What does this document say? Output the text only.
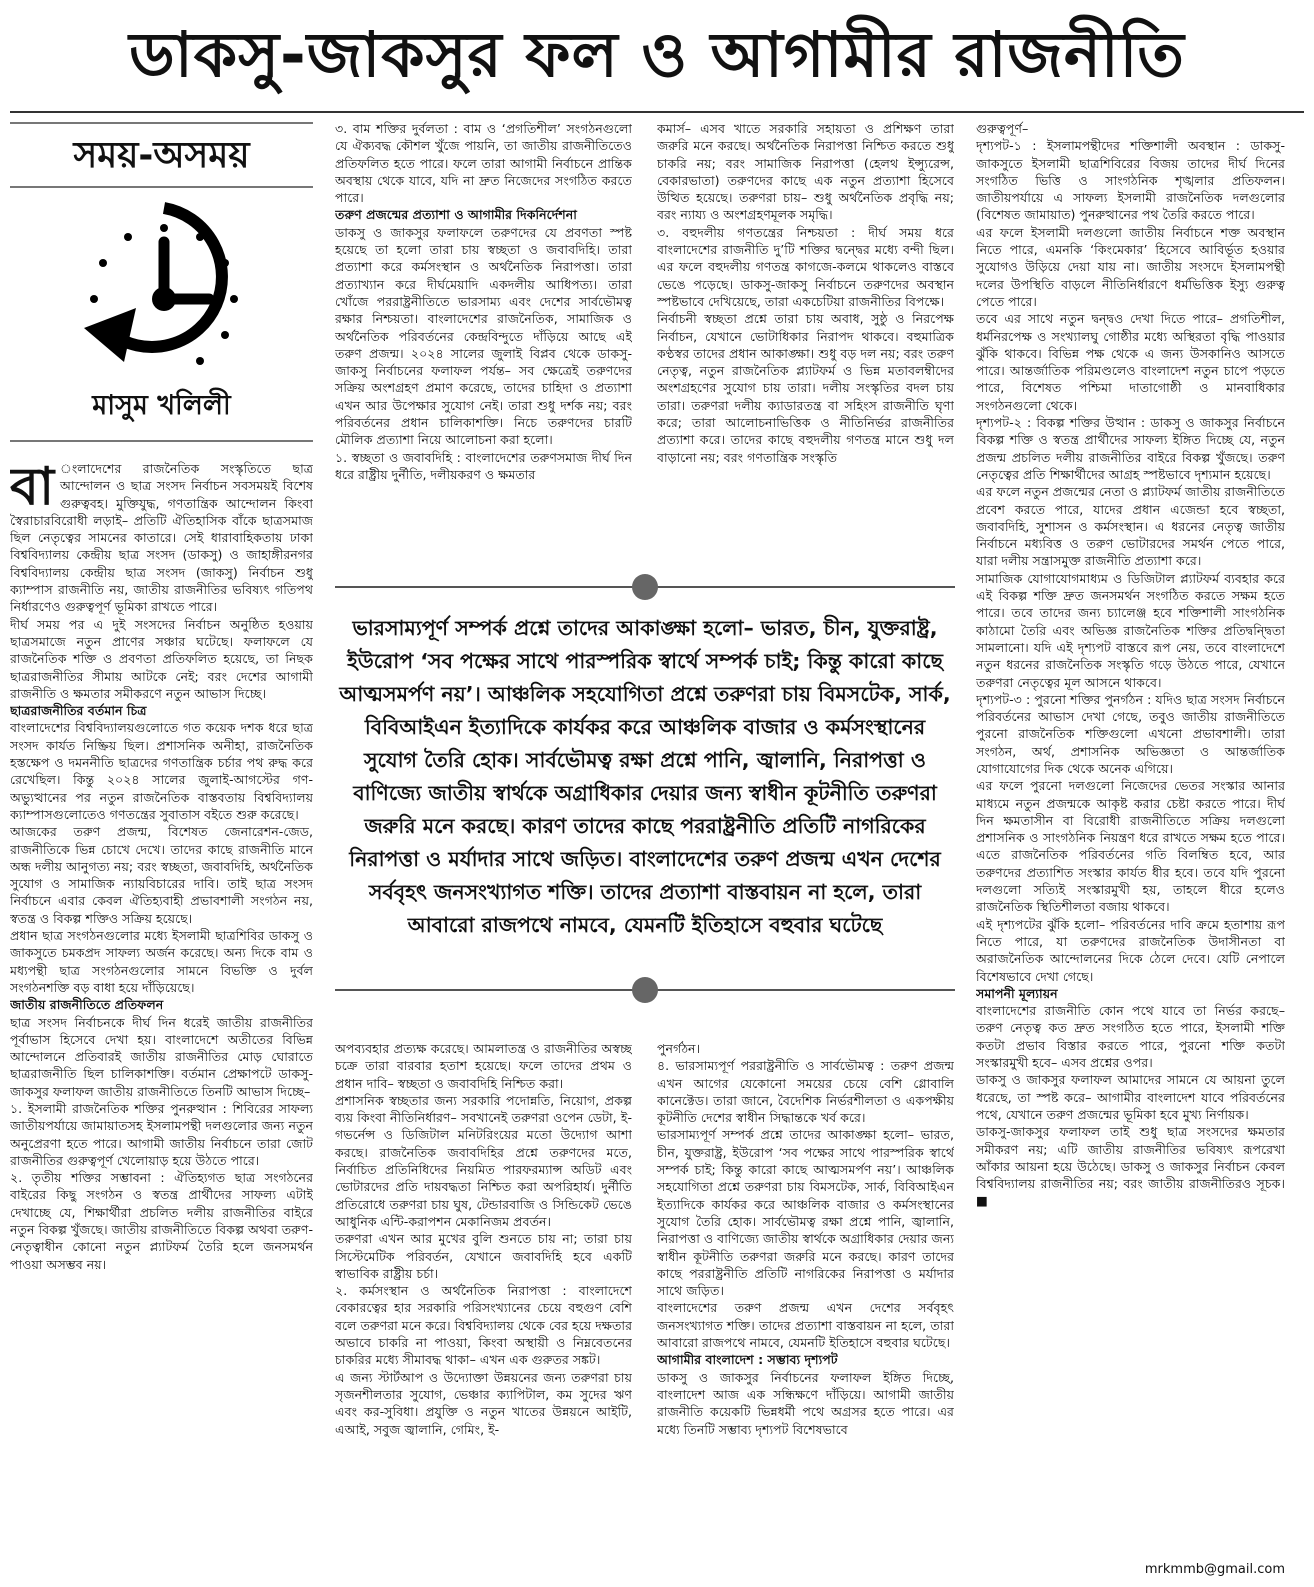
ডাকসু-জাকসুর ফল ও আগামীর রাজনীতি
সময়-অসময়
মাসুম খলিলী

বা ংলাদেশের রাজনৈতিক সংস্কৃতিতে ছাত্র আন্দোলন ও ছাত্র সংসদ নির্বাচন সবসময়ই বিশেষ গুরুত্ববহ। মুক্তিযুদ্ধ, গণতান্ত্রিক আন্দোলন কিংবা স্বৈরাচারবিরোধী লড়াই– প্রতিটি ঐতিহাসিক বাঁকে ছাত্রসমাজ ছিল নেতৃত্বের সামনের কাতারে। সেই ধারাবাহিকতায় ঢাকা বিশ্ববিদ্যালয় কেন্দ্রীয় ছাত্র সংসদ (ডাকসু) ও জাহাঙ্গীরনগর বিশ্ববিদ্যালয় কেন্দ্রীয় ছাত্র সংসদ (জাকসু) নির্বাচন শুধু ক্যাম্পাস রাজনীতি নয়, জাতীয় রাজনীতির ভবিষ্যৎ গতিপথ নির্ধারণেও গুরুত্বপূর্ণ ভূমিকা রাখতে পারে।

দীর্ঘ সময় পর এ দুই সংসদের নির্বাচন অনুষ্ঠিত হওয়ায় ছাত্রসমাজে নতুন প্রাণের সঞ্চার ঘটেছে। ফলাফলে যে রাজনৈতিক শক্তি ও প্রবণতা প্রতিফলিত হয়েছে, তা নিছক ছাত্ররাজনীতির সীমায় আটকে নেই; বরং দেশের আগামী রাজনীতি ও ক্ষমতার সমীকরণে নতুন আভাস দিচ্ছে।

ছাত্ররাজনীতির বর্তমান চিত্র

বাংলাদেশের বিশ্ববিদ্যালয়গুলোতে গত কয়েক দশক ধরে ছাত্র সংসদ কার্যত নিষ্ক্রিয় ছিল। প্রশাসনিক অনীহা, রাজনৈতিক হস্তক্ষেপ ও দমননীতি ছাত্রদের গণতান্ত্রিক চর্চার পথ রুদ্ধ করে রেখেছিল। কিন্তু ২০২৪ সালের জুলাই-আগস্টের গণ-অভ্যুত্থানের পর নতুন রাজনৈতিক বাস্তবতায় বিশ্ববিদ্যালয় ক্যাম্পাসগুলোতেও গণতন্ত্রের সুবাতাস বইতে শুরু করেছে।

আজকের তরুণ প্রজন্ম, বিশেষত জেনারেশন-জেড, রাজনীতিকে ভিন্ন চোখে দেখে। তাদের কাছে রাজনীতি মানে অন্ধ দলীয় আনুগত্য নয়; বরং স্বচ্ছতা, জবাবদিহি, অর্থনৈতিক সুযোগ ও সামাজিক ন্যায়বিচারের দাবি। তাই ছাত্র সংসদ নির্বাচনে এবার কেবল ঐতিহ্যবাহী প্রভাবশালী সংগঠন নয়, স্বতন্ত্র ও বিকল্প শক্তিও সক্রিয় হয়েছে।

প্রধান ছাত্র সংগঠনগুলোর মধ্যে ইসলামী ছাত্রশিবির ডাকসু ও জাকসুতে চমকপ্রদ সাফল্য অর্জন করেছে। অন্য দিকে বাম ও মধ্যপন্থী ছাত্র সংগঠনগুলোর সামনে বিভক্তি ও দুর্বল সংগঠনশক্তি বড় বাধা হয়ে দাঁড়িয়েছে।

জাতীয় রাজনীতিতে প্রতিফলন

ছাত্র সংসদ নির্বাচনকে দীর্ঘ দিন ধরেই জাতীয় রাজনীতির পূর্বাভাস হিসেবে দেখা হয়। বাংলাদেশে অতীতের বিভিন্ন আন্দোলনে প্রতিবারই জাতীয় রাজনীতির মোড় ঘোরাতে ছাত্ররাজনীতি ছিল চালিকাশক্তি। বর্তমান প্রেক্ষাপটে ডাকসু-জাকসুর ফলাফল জাতীয় রাজনীতিতে তিনটি আভাস দিচ্ছে–

১. ইসলামী রাজনৈতিক শক্তির পুনরুত্থান : শিবিরের সাফল্য জাতীয়পর্যায়ে জামায়াতসহ ইসলামপন্থী দলগুলোর জন্য নতুন অনুপ্রেরণা হতে পারে। আগামী জাতীয় নির্বাচনে তারা জোট রাজনীতির গুরুত্বপূর্ণ খেলোয়াড় হয়ে উঠতে পারে।

২. তৃতীয় শক্তির সম্ভাবনা : ঐতিহ্যগত ছাত্র সংগঠনের বাইরের কিছু সংগঠন ও স্বতন্ত্র প্রার্থীদের সাফল্য এটাই দেখাচ্ছে যে, শিক্ষার্থীরা প্রচলিত দলীয় রাজনীতির বাইরে নতুন বিকল্প খুঁজছে। জাতীয় রাজনীতিতে বিকল্প অথবা তরুণ-নেতৃত্বাধীন কোনো নতুন প্ল্যাটফর্ম তৈরি হলে জনসমর্থন পাওয়া অসম্ভব নয়।

৩. বাম শক্তির দুর্বলতা : বাম ও ‘প্রগতিশীল’ সংগঠনগুলো যে ঐক্যবদ্ধ কৌশল খুঁজে পায়নি, তা জাতীয় রাজনীতিতেও প্রতিফলিত হতে পারে। ফলে তারা আগামী নির্বাচনে প্রান্তিক অবস্থায় থেকে যাবে, যদি না দ্রুত নিজেদের সংগঠিত করতে পারে।

তরুণ প্রজন্মের প্রত্যাশা ও আগামীর দিকনির্দেশনা

ডাকসু ও জাকসুর ফলাফলে তরুণদের যে প্রবণতা স্পষ্ট হয়েছে তা হলো তারা চায় স্বচ্ছতা ও জবাবদিহি। তারা প্রত্যাশা করে কর্মসংস্থান ও অর্থনৈতিক নিরাপত্তা। তারা প্রত্যাখ্যান করে দীর্ঘমেয়াদি একদলীয় আধিপত্য। তারা খোঁজে পররাষ্ট্রনীতিতে ভারসাম্য এবং দেশের সার্বভৌমত্ব রক্ষার নিশ্চয়তা। বাংলাদেশের রাজনৈতিক, সামাজিক ও অর্থনৈতিক পরিবর্তনের কেন্দ্রবিন্দুতে দাঁড়িয়ে আছে এই তরুণ প্রজন্ম। ২০২৪ সালের জুলাই বিপ্লব থেকে ডাকসু-জাকসু নির্বাচনের ফলাফল পর্যন্ত– সব ক্ষেত্রেই তরুণদের সক্রিয় অংশগ্রহণ প্রমাণ করেছে, তাদের চাহিদা ও প্রত্যাশা এখন আর উপেক্ষার সুযোগ নেই। তারা শুধু দর্শক নয়; বরং পরিবর্তনের প্রধান চালিকাশক্তি। নিচে তরুণদের চারটি মৌলিক প্রত্যাশা নিয়ে আলোচনা করা হলো।

১. স্বচ্ছতা ও জবাবদিহি : বাংলাদেশের তরুণসমাজ দীর্ঘ দিন ধরে রাষ্ট্রীয় দুর্নীতি, দলীয়করণ ও ক্ষমতার

কমার্স– এসব খাতে সরকারি সহায়তা ও প্রশিক্ষণ তারা জরুরি মনে করছে। অর্থনৈতিক নিরাপত্তা নিশ্চিত করতে শুধু চাকরি নয়; বরং সামাজিক নিরাপত্তা (হেলথ ইন্স্যুরেন্স, বেকারভাতা) তরুণদের কাছে এক নতুন প্রত্যাশা হিসেবে উত্থিত হয়েছে। তরুণরা চায়– শুধু অর্থনৈতিক প্রবৃদ্ধি নয়; বরং ন্যায্য ও অংশগ্রহণমূলক সমৃদ্ধি।

৩. বহুদলীয় গণতন্ত্রের নিশ্চয়তা : দীর্ঘ সময় ধরে বাংলাদেশের রাজনীতি দু’টি শক্তির দ্বন্দ্বের মধ্যে বন্দী ছিল। এর ফলে বহুদলীয় গণতন্ত্র কাগজে-কলমে থাকলেও বাস্তবে ভেঙে পড়েছে। ডাকসু-জাকসু নির্বাচনে তরুণদের অবস্থান স্পষ্টভাবে দেখিয়েছে, তারা একচেটিয়া রাজনীতির বিপক্ষে।

নির্বাচনী স্বচ্ছতা প্রশ্নে তারা চায় অবাধ, সুষ্ঠু ও নিরপেক্ষ নির্বাচন, যেখানে ভোটাধিকার নিরাপদ থাকবে। বহুমাত্রিক কণ্ঠস্বর তাদের প্রধান আকাঙ্ক্ষা। শুধু বড় দল নয়; বরং তরুণ নেতৃত্ব, নতুন রাজনৈতিক প্ল্যাটফর্ম ও ভিন্ন মতাবলম্বীদের অংশগ্রহণের সুযোগ চায় তারা। দলীয় সংস্কৃতির বদল চায় তারা। তরুণরা দলীয় ক্যাডারতন্ত্র বা সহিংস রাজনীতি ঘৃণা করে; তারা আলোচনাভিত্তিক ও নীতিনির্ভর রাজনীতির প্রত্যাশা করে। তাদের কাছে বহুদলীয় গণতন্ত্র মানে শুধু দল বাড়ানো নয়; বরং গণতান্ত্রিক সংস্কৃতি

ভারসাম্যপূর্ণ সম্পর্ক প্রশ্নে তাদের আকাঙ্ক্ষা হলো– ভারত, চীন, যুক্তরাষ্ট্র, ইউরোপ ‘সব পক্ষের সাথে পারস্পরিক স্বার্থে সম্পর্ক চাই; কিন্তু কারো কাছে আত্মসমর্পণ নয়’। আঞ্চলিক সহযোগিতা প্রশ্নে তরুণরা চায় বিমসটেক, সার্ক, বিবিআইএন ইত্যাদিকে কার্যকর করে আঞ্চলিক বাজার ও কর্মসংস্থানের সুযোগ তৈরি হোক। সার্বভৌমত্ব রক্ষা প্রশ্নে পানি, জ্বালানি, নিরাপত্তা ও বাণিজ্যে জাতীয় স্বার্থকে অগ্রাধিকার দেয়ার জন্য স্বাধীন কূটনীতি তরুণরা জরুরি মনে করছে। কারণ তাদের কাছে পররাষ্ট্রনীতি প্রতিটি নাগরিকের নিরাপত্তা ও মর্যাদার সাথে জড়িত। বাংলাদেশের তরুণ প্রজন্ম এখন দেশের সর্ববৃহৎ জনসংখ্যাগত শক্তি। তাদের প্রত্যাশা বাস্তবায়ন না হলে, তারা আবারো রাজপথে নামবে, যেমনটি ইতিহাসে বহুবার ঘটেছে

অপব্যবহার প্রত্যক্ষ করেছে। আমলাতন্ত্র ও রাজনীতির অস্বচ্ছ চক্রে তারা বারবার হতাশ হয়েছে। ফলে তাদের প্রথম ও প্রধান দাবি– স্বচ্ছতা ও জবাবদিহি নিশ্চিত করা।

প্রশাসনিক স্বচ্ছতার জন্য সরকারি পদোন্নতি, নিয়োগ, প্রকল্প ব্যয় কিংবা নীতিনির্ধারণ– সবখানেই তরুণরা ওপেন ডেটা, ই-গভর্নেন্স ও ডিজিটাল মনিটরিংয়ের মতো উদ্যোগ আশা করছে। রাজনৈতিক জবাবদিহির প্রশ্নে তরুণদের মতে, নির্বাচিত প্রতিনিধিদের নিয়মিত পারফরম্যান্স অডিট এবং ভোটারদের প্রতি দায়বদ্ধতা নিশ্চিত করা অপরিহার্য। দুর্নীতি প্রতিরোধে তরুণরা চায় ঘুষ, টেন্ডারবাজি ও সিন্ডিকেট ভেঙে আধুনিক এন্টি-করাপশন মেকানিজম প্রবর্তন।

তরুণরা এখন আর মুখের বুলি শুনতে চায় না; তারা চায় সিস্টেমেটিক পরিবর্তন, যেখানে জবাবদিহি হবে একটি স্বাভাবিক রাষ্ট্রীয় চর্চা।

২. কর্মসংস্থান ও অর্থনৈতিক নিরাপত্তা : বাংলাদেশে বেকারত্বের হার সরকারি পরিসংখ্যানের চেয়ে বহুগুণ বেশি বলে তরুণরা মনে করে। বিশ্ববিদ্যালয় থেকে বের হয়ে দক্ষতার অভাবে চাকরি না পাওয়া, কিংবা অস্থায়ী ও নিম্নবেতনের চাকরির মধ্যে সীমাবদ্ধ থাকা– এখন এক গুরুতর সঙ্কট।

এ জন্য স্টার্টআপ ও উদ্যোক্তা উন্নয়নের জন্য তরুণরা চায় সৃজনশীলতার সুযোগ, ভেঞ্চার ক্যাপিটাল, কম সুদের ঋণ এবং কর-সুবিধা। প্রযুক্তি ও নতুন খাতের উন্নয়নে আইটি, এআই, সবুজ জ্বালানি, গেমিং, ই-

পুনর্গঠন।

৪. ভারসাম্যপূর্ণ পররাষ্ট্রনীতি ও সার্বভৌমত্ব : তরুণ প্রজন্ম এখন আগের যেকোনো সময়ের চেয়ে বেশি গ্লোবালি কানেক্টেড। তারা জানে, বৈদেশিক নির্ভরশীলতা ও একপক্ষীয় কূটনীতি দেশের স্বাধীন সিদ্ধান্তকে খর্ব করে।

ভারসাম্যপূর্ণ সম্পর্ক প্রশ্নে তাদের আকাঙ্ক্ষা হলো– ভারত, চীন, যুক্তরাষ্ট্র, ইউরোপ ‘সব পক্ষের সাথে পারস্পরিক স্বার্থে সম্পর্ক চাই; কিন্তু কারো কাছে আত্মসমর্পণ নয়’। আঞ্চলিক সহযোগিতা প্রশ্নে তরুণরা চায় বিমসটেক, সার্ক, বিবিআইএন ইত্যাদিকে কার্যকর করে আঞ্চলিক বাজার ও কর্মসংস্থানের সুযোগ তৈরি হোক। সার্বভৌমত্ব রক্ষা প্রশ্নে পানি, জ্বালানি, নিরাপত্তা ও বাণিজ্যে জাতীয় স্বার্থকে অগ্রাধিকার দেয়ার জন্য স্বাধীন কূটনীতি তরুণরা জরুরি মনে করছে। কারণ তাদের কাছে পররাষ্ট্রনীতি প্রতিটি নাগরিকের নিরাপত্তা ও মর্যাদার সাথে জড়িত।

বাংলাদেশের তরুণ প্রজন্ম এখন দেশের সর্ববৃহৎ জনসংখ্যাগত শক্তি। তাদের প্রত্যাশা বাস্তবায়ন না হলে, তারা আবারো রাজপথে নামবে, যেমনটি ইতিহাসে বহুবার ঘটেছে।

আগামীর বাংলাদেশ : সম্ভাব্য দৃশ্যপট

ডাকসু ও জাকসুর নির্বাচনের ফলাফল ইঙ্গিত দিচ্ছে, বাংলাদেশ আজ এক সন্ধিক্ষণে দাঁড়িয়ে। আগামী জাতীয় রাজনীতি কয়েকটি ভিন্নধর্মী পথে অগ্রসর হতে পারে। এর মধ্যে তিনটি সম্ভাব্য দৃশ্যপট বিশেষভাবে

গুরুত্বপূর্ণ–

দৃশ্যপট-১ : ইসলামপন্থীদের শক্তিশালী অবস্থান : ডাকসু-জাকসুতে ইসলামী ছাত্রশিবিরের বিজয় তাদের দীর্ঘ দিনের সংগঠিত ভিত্তি ও সাংগঠনিক শৃঙ্খলার প্রতিফলন। জাতীয়পর্যায়ে এ সাফল্য ইসলামী রাজনৈতিক দলগুলোর (বিশেষত জামায়াত) পুনরুত্থানের পথ তৈরি করতে পারে।

এর ফলে ইসলামী দলগুলো জাতীয় নির্বাচনে শক্ত অবস্থান নিতে পারে, এমনকি ‘কিংমেকার’ হিসেবে আবির্ভূত হওয়ার সুযোগও উড়িয়ে দেয়া যায় না। জাতীয় সংসদে ইসলামপন্থী দলের উপস্থিতি বাড়লে নীতিনির্ধারণে ধর্মভিত্তিক ইস্যু গুরুত্ব পেতে পারে।

তবে এর সাথে নতুন দ্বন্দ্বও দেখা দিতে পারে– প্রগতিশীল, ধর্মনিরপেক্ষ ও সংখ্যালঘু গোষ্ঠীর মধ্যে অস্থিরতা বৃদ্ধি পাওয়ার ঝুঁকি থাকবে। বিভিন্ন পক্ষ থেকে এ জন্য উসকানিও আসতে পারে। আন্তর্জাতিক পরিমণ্ডলেও বাংলাদেশ নতুন চাপে পড়তে পারে, বিশেষত পশ্চিমা দাতাগোষ্ঠী ও মানবাধিকার সংগঠনগুলো থেকে।

দৃশ্যপট-২ : বিকল্প শক্তির উত্থান : ডাকসু ও জাকসুর নির্বাচনে বিকল্প শক্তি ও স্বতন্ত্র প্রার্থীদের সাফল্য ইঙ্গিত দিচ্ছে যে, নতুন প্রজন্ম প্রচলিত দলীয় রাজনীতির বাইরে বিকল্প খুঁজছে। তরুণ নেতৃত্বের প্রতি শিক্ষার্থীদের আগ্রহ স্পষ্টভাবে দৃশ্যমান হয়েছে।

এর ফলে নতুন প্রজন্মের নেতা ও প্ল্যাটফর্ম জাতীয় রাজনীতিতে প্রবেশ করতে পারে, যাদের প্রধান এজেন্ডা হবে স্বচ্ছতা, জবাবদিহি, সুশাসন ও কর্মসংস্থান। এ ধরনের নেতৃত্ব জাতীয় নির্বাচনে মধ্যবিত্ত ও তরুণ ভোটারদের সমর্থন পেতে পারে, যারা দলীয় সন্ত্রাসমুক্ত রাজনীতি প্রত্যাশা করে।

সামাজিক যোগাযোগমাধ্যম ও ডিজিটাল প্ল্যাটফর্ম ব্যবহার করে এই বিকল্প শক্তি দ্রুত জনসমর্থন সংগঠিত করতে সক্ষম হতে পারে। তবে তাদের জন্য চ্যালেঞ্জ হবে শক্তিশালী সাংগঠনিক কাঠামো তৈরি এবং অভিজ্ঞ রাজনৈতিক শক্তির প্রতিদ্বন্দ্বিতা সামলানো। যদি এই দৃশ্যপট বাস্তবে রূপ নেয়, তবে বাংলাদেশে নতুন ধরনের রাজনৈতিক সংস্কৃতি গড়ে উঠতে পারে, যেখানে তরুণরা নেতৃত্বের মূল আসনে থাকবে।

দৃশ্যপট-৩ : পুরনো শক্তির পুনর্গঠন : যদিও ছাত্র সংসদ নির্বাচনে পরিবর্তনের আভাস দেখা গেছে, তবুও জাতীয় রাজনীতিতে পুরনো রাজনৈতিক শক্তিগুলো এখনো প্রভাবশালী। তারা সংগঠন, অর্থ, প্রশাসনিক অভিজ্ঞতা ও আন্তর্জাতিক যোগাযোগের দিক থেকে অনেক এগিয়ে।

এর ফলে পুরনো দলগুলো নিজেদের ভেতর সংস্কার আনার মাধ্যমে নতুন প্রজন্মকে আকৃষ্ট করার চেষ্টা করতে পারে। দীর্ঘ দিন ক্ষমতাসীন বা বিরোধী রাজনীতিতে সক্রিয় দলগুলো প্রশাসনিক ও সাংগঠনিক নিয়ন্ত্রণ ধরে রাখতে সক্ষম হতে পারে। এতে রাজনৈতিক পরিবর্তনের গতি বিলম্বিত হবে, আর তরুণদের প্রত্যাশিত সংস্কার কার্যত ধীর হবে। তবে যদি পুরনো দলগুলো সত্যিই সংস্কারমুখী হয়, তাহলে ধীরে হলেও রাজনৈতিক স্থিতিশীলতা বজায় থাকবে।

এই দৃশ্যপটের ঝুঁকি হলো– পরিবর্তনের দাবি ক্রমে হতাশায় রূপ নিতে পারে, যা তরুণদের রাজনৈতিক উদাসীনতা বা অরাজনৈতিক আন্দোলনের দিকে ঠেলে দেবে। যেটি নেপালে বিশেষভাবে দেখা গেছে।

সমাপনী মূল্যায়ন

বাংলাদেশের রাজনীতি কোন পথে যাবে তা নির্ভর করছে– তরুণ নেতৃত্ব কত দ্রুত সংগঠিত হতে পারে, ইসলামী শক্তি কতটা প্রভাব বিস্তার করতে পারে, পুরনো শক্তি কতটা সংস্কারমুখী হবে– এসব প্রশ্নের ওপর।

ডাকসু ও জাকসুর ফলাফল আমাদের সামনে যে আয়না তুলে ধরেছে, তা স্পষ্ট করে– আগামীর বাংলাদেশ যাবে পরিবর্তনের পথে, যেখানে তরুণ প্রজন্মের ভূমিকা হবে মুখ্য নির্ণায়ক।

ডাকসু-জাকসুর ফলাফল তাই শুধু ছাত্র সংসদের ক্ষমতার সমীকরণ নয়; এটি জাতীয় রাজনীতির ভবিষ্যৎ রূপরেখা আঁকার আয়না হয়ে উঠেছে। ডাকসু ও জাকসুর নির্বাচন কেবল বিশ্ববিদ্যালয় রাজনীতির নয়; বরং জাতীয় রাজনীতিরও সূচক।■

mrkmmb@gmail.com
